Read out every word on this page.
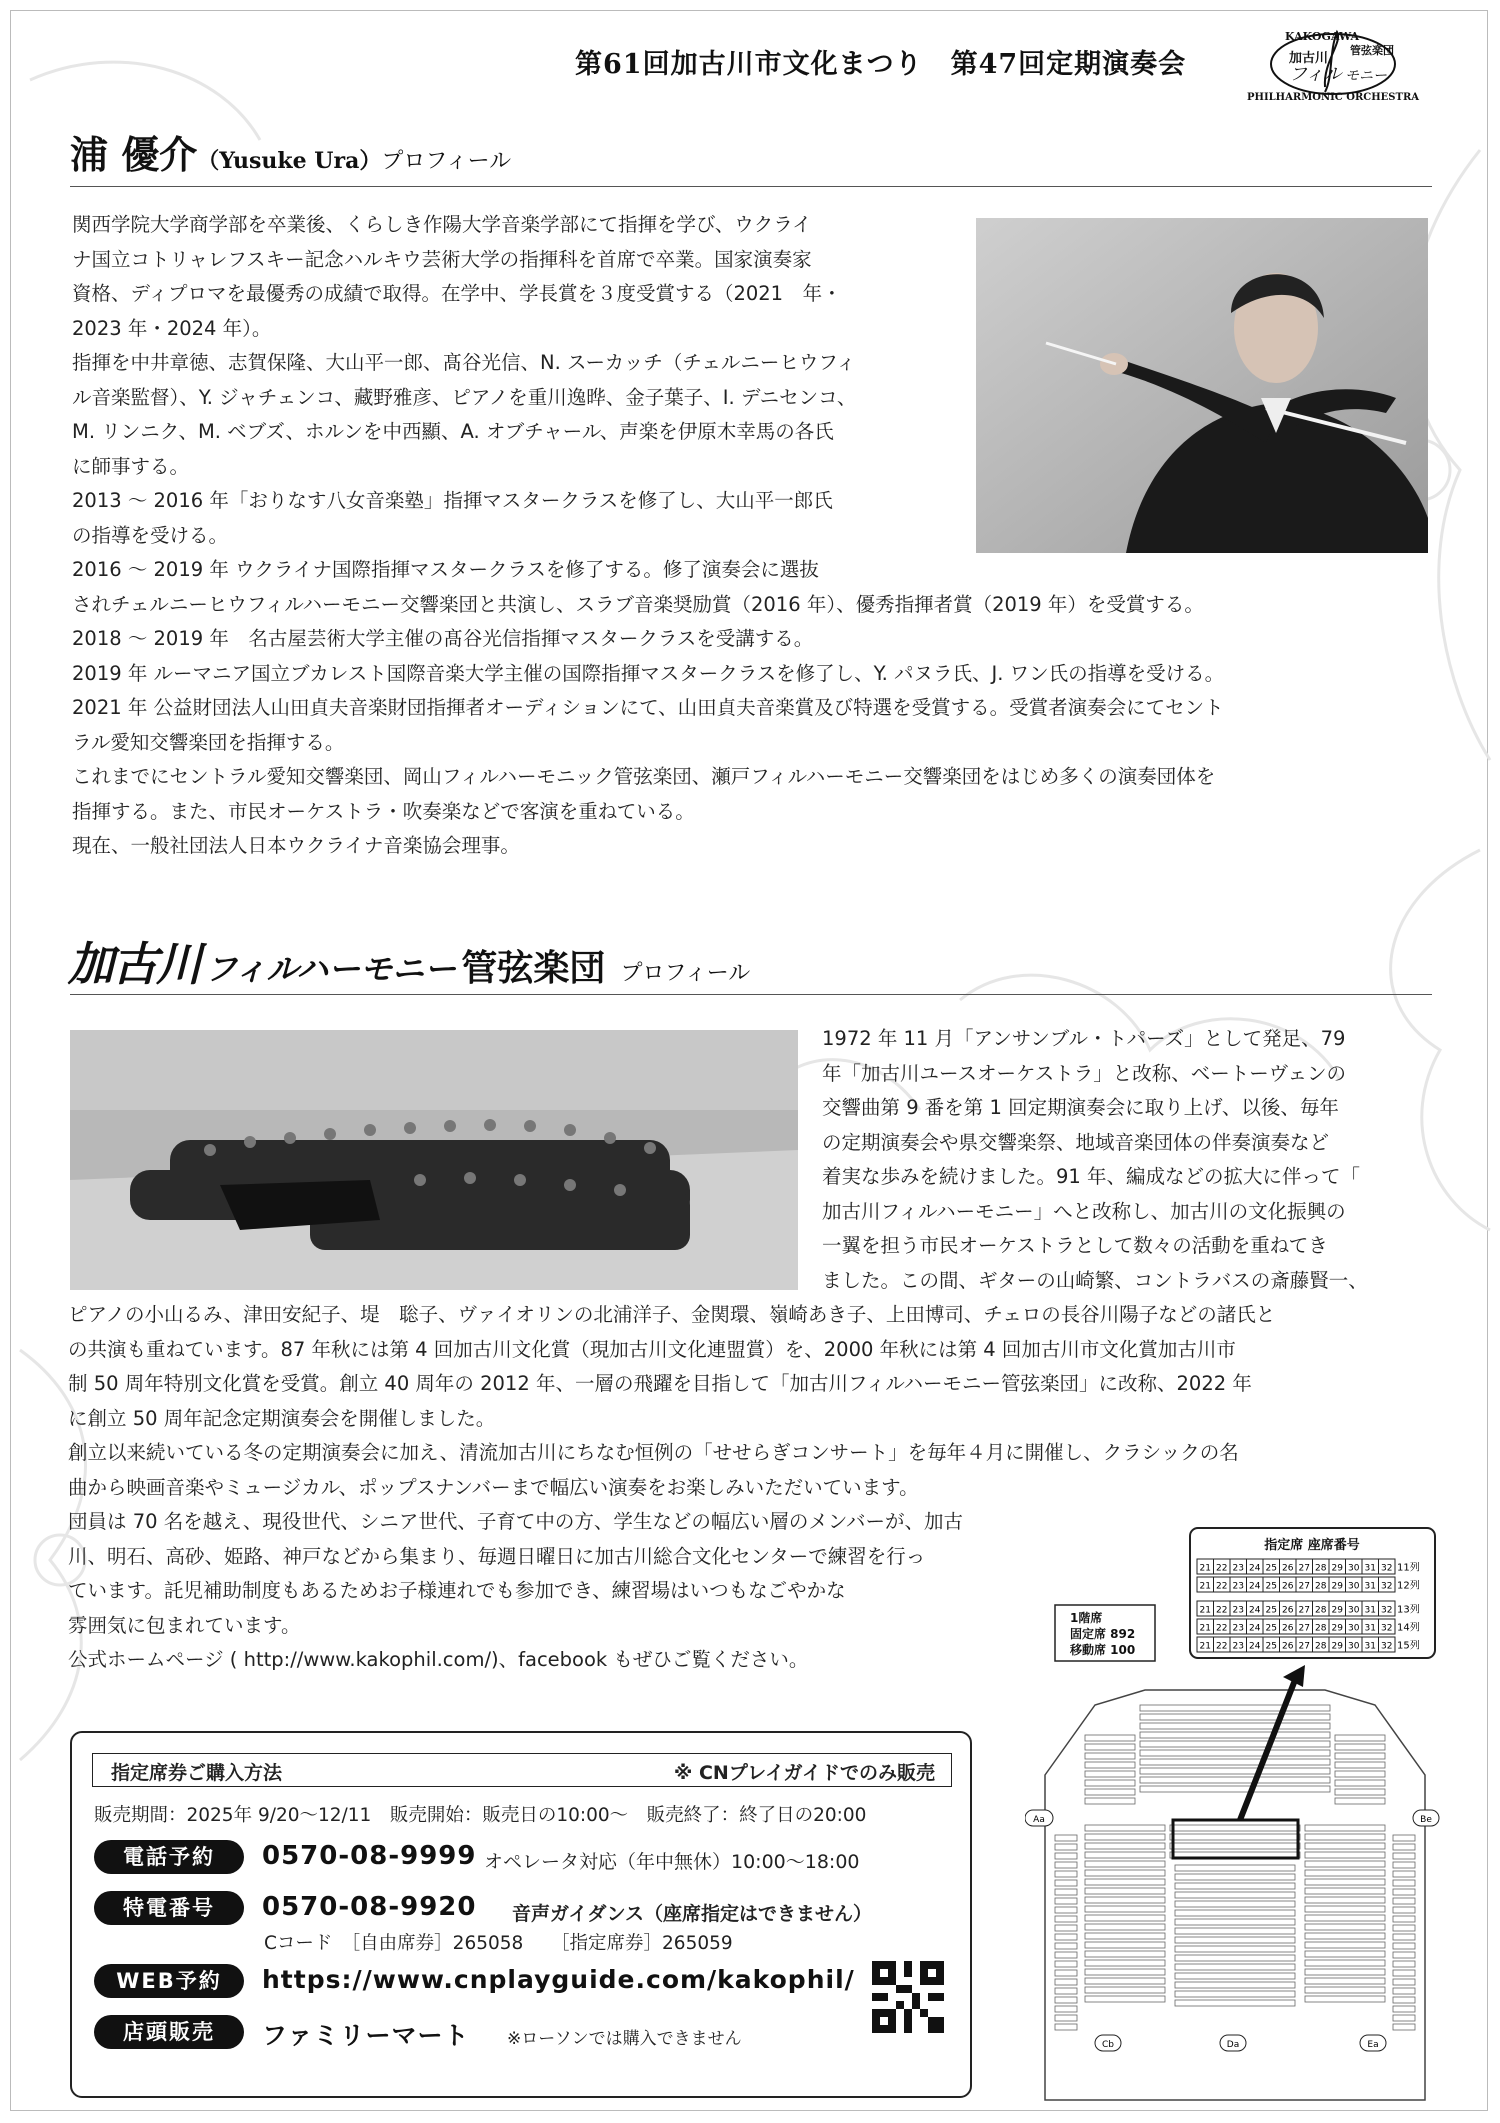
第61回加古川市文化まつり　第47回定期演奏会
KAKOGAWA
加古川
管弦楽団
フィル モニー
PHILHARMONIC ORCHESTRA
浦 優介（Yusuke Ura）プロフィール

関西学院大学商学部を卒業後、くらしき作陽大学音楽学部にて指揮を学び、ウクライ

ナ国立コトリャレフスキー記念ハルキウ芸術大学の指揮科を首席で卒業。国家演奏家

資格、ディプロマを最優秀の成績で取得。在学中、学長賞を３度受賞する（2021　年・

2023 年・2024 年）。

指揮を中井章徳、志賀保隆、大山平一郎、髙谷光信、N. スーカッチ（チェルニーヒウフィ

ル音楽監督）、Y. ジャチェンコ、藏野雅彦、ピアノを重川逸晔、金子葉子、I. デニセンコ、

M. リンニク、M. ベブズ、ホルンを中西顯、A. オブチャール、声楽を伊原木幸馬の各氏

に師事する。

2013 ～ 2016 年「おりなす八女音楽塾」指揮マスタークラスを修了し、大山平一郎氏

の指導を受ける。

2016 ～ 2019 年 ウクライナ国際指揮マスタークラスを修了する。修了演奏会に選抜

されチェルニーヒウフィルハーモニー交響楽団と共演し、スラブ音楽奨励賞（2016 年）、優秀指揮者賞（2019 年）を受賞する。

2018 ～ 2019 年　名古屋芸術大学主催の髙谷光信指揮マスタークラスを受講する。

2019 年 ルーマニア国立ブカレスト国際音楽大学主催の国際指揮マスタークラスを修了し、Y. パヌラ氏、J. ワン氏の指導を受ける。

2021 年 公益財団法人山田貞夫音楽財団指揮者オーディションにて、山田貞夫音楽賞及び特選を受賞する。受賞者演奏会にてセント

ラル愛知交響楽団を指揮する。

これまでにセントラル愛知交響楽団、岡山フィルハーモニック管弦楽団、瀬戸フィルハーモニー交響楽団をはじめ多くの演奏団体を

指揮する。また、市民オーケストラ・吹奏楽などで客演を重ねている。

現在、一般社団法人日本ウクライナ音楽協会理事。

加古川 フィルハーモニー 管弦楽団 プロフィール

1972 年 11 月「アンサンブル・トパーズ」として発足、79

年「加古川ユースオーケストラ」と改称、ベートーヴェンの

交響曲第 9 番を第 1 回定期演奏会に取り上げ、以後、毎年

の定期演奏会や県交響楽祭、地域音楽団体の伴奏演奏など

着実な歩みを続けました。91 年、編成などの拡大に伴って「

加古川フィルハーモニー」へと改称し、加古川の文化振興の

一翼を担う市民オーケストラとして数々の活動を重ねてき

ました。この間、ギターの山崎繁、コントラバスの斎藤賢一、

ピアノの小山るみ、津田安紀子、堤　聡子、ヴァイオリンの北浦洋子、金関環、嶺崎あき子、上田博司、チェロの長谷川陽子などの諸氏と

の共演も重ねています。87 年秋には第 4 回加古川文化賞（現加古川文化連盟賞）を、2000 年秋には第 4 回加古川市文化賞加古川市

制 50 周年特別文化賞を受賞。創立 40 周年の 2012 年、一層の飛躍を目指して「加古川フィルハーモニー管弦楽団」に改称、2022 年

に創立 50 周年記念定期演奏会を開催しました。

創立以来続いている冬の定期演奏会に加え、清流加古川にちなむ恒例の「せせらぎコンサート」を毎年４月に開催し、クラシックの名

曲から映画音楽やミュージカル、ポップスナンバーまで幅広い演奏をお楽しみいただいています。

団員は 70 名を越え、現役世代、シニア世代、子育て中の方、学生などの幅広い層のメンバーが、加古

川、明石、高砂、姫路、神戸などから集まり、毎週日曜日に加古川総合文化センターで練習を行っ

ています。託児補助制度もあるためお子様連れでも参加でき、練習場はいつもなごやかな

雰囲気に包まれています。

公式ホームページ ( http://www.kakophil.com/)、facebook もぜひご覧ください。

指定席 座席番号
21 22 23 24 25 26 27 28 29 30 31 32 11列
21 22 23 24 25 26 27 28 29 30 31 32 12列
21 22 23 24 25 26 27 28 29 30 31 32 13列
21 22 23 24 25 26 27 28 29 30 31 32 14列
21 22 23 24 25 26 27 28 29 30 31 32 15列
1階席
固定席 892
移動席 100
Aa	Be
Cb	Da	Ea
指定席券ご購入方法	※ CNプレイガイドでのみ販売
販売期間：2025年 9/20～12/11　販売開始：販売日の10:00～　販売終了：終了日の20:00
電話予約	0570-08-9999 オペレータ対応（年中無休）10:00～18:00
特電番号	0570-08-9920 音声ガイダンス（座席指定はできません）
Cコード　［自由席券］265058　　［指定席券］265059
WEB予約	https://www.cnplayguide.com/kakophil/
店頭販売	ファミリーマート ※ローソンでは購入できません
